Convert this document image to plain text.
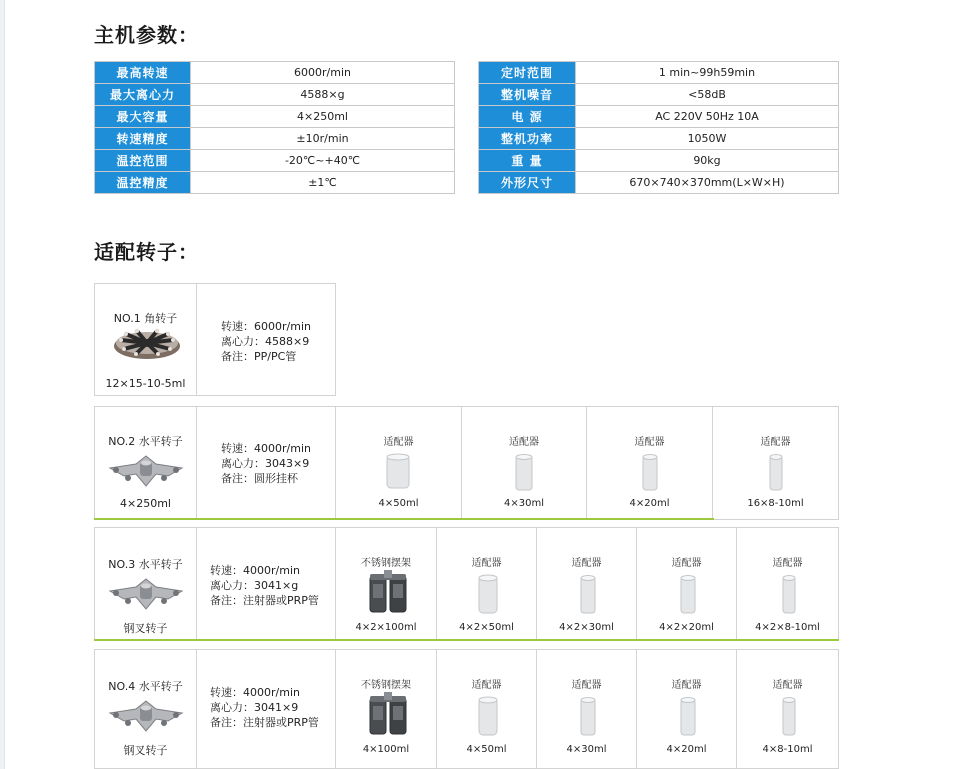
主机参数：
最高转速	6000r/min
最大离心力	4588×g
最大容量	4×250ml
转速精度	±10r/min
温控范围	-20℃~+40℃
温控精度	±1℃
定时范围	1 min~99h59min
整机噪音	<58dB
电 源	AC 220V 50Hz 10A
整机功率	1050W
重 量	90kg
外形尺寸	670×740×370mm(L×W×H)
适配转子：
NO.1 角转子
12×15-10-5ml
转速：6000r/min
离心力：4588×9
备注：PP/PC管
NO.2 水平转子
4×250ml
转速：4000r/min
离心力：3043×9
备注：圆形挂杯
适配器
4×50ml
适配器
4×30ml
适配器
4×20ml
适配器
16×8-10ml
NO.3 水平转子
钢叉转子
转速：4000r/min
离心力：3041×g
备注：注射器或PRP管
不锈钢摆架
4×2×100ml
适配器
4×2×50ml
适配器
4×2×30ml
适配器
4×2×20ml
适配器
4×2×8-10ml
NO.4 水平转子
钢叉转子
转速：4000r/min
离心力：3041×9
备注：注射器或PRP管
不锈钢摆架
4×100ml
适配器
4×50ml
适配器
4×30ml
适配器
4×20ml
适配器
4×8-10ml
